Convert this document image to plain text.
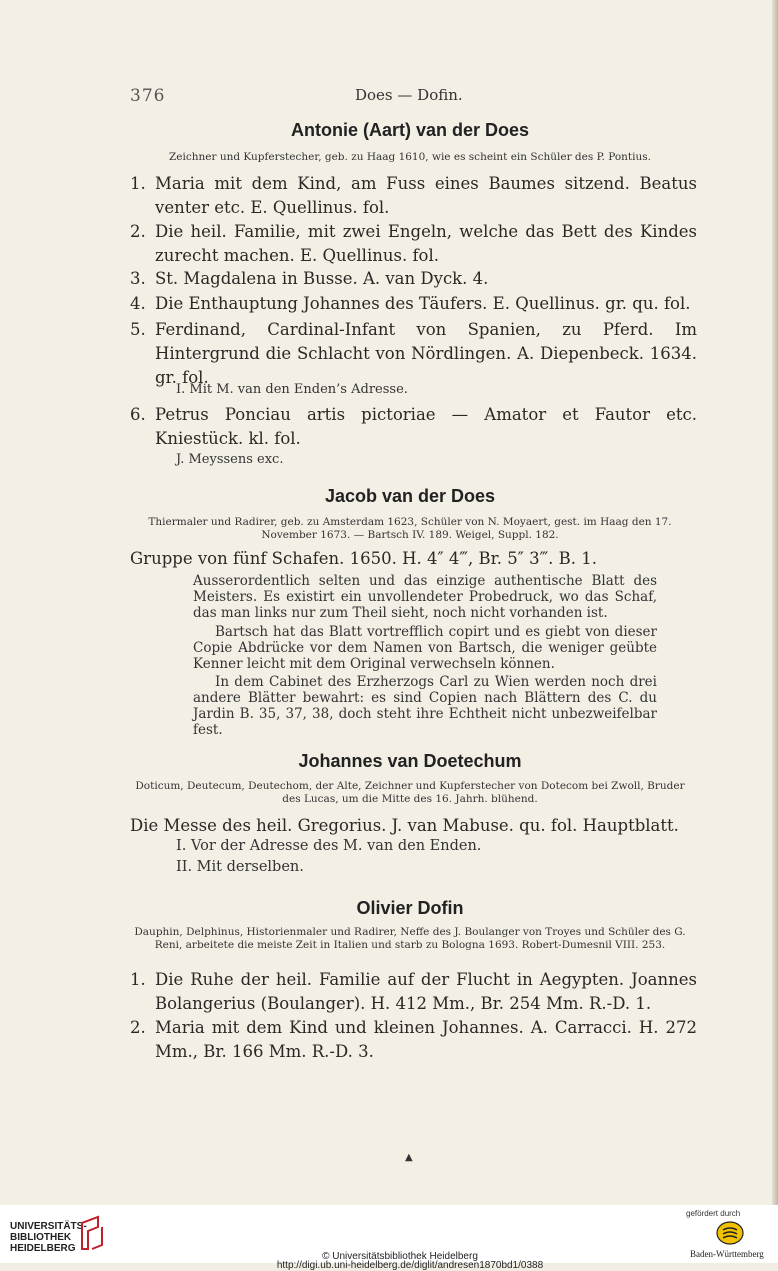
376	Does — Dofin.
Antonie (Aart) van der Does
Zeichner und Kupferstecher, geb. zu Haag 1610, wie es scheint ein Schüler des P. Pontius.
1. Maria mit dem Kind, am Fuss eines Baumes sitzend. Beatus venter etc. E. Quellinus. fol.
2. Die heil. Familie, mit zwei Engeln, welche das Bett des Kindes zurecht machen. E. Quellinus. fol.
3. St. Magdalena in Busse. A. van Dyck. 4.
4. Die Enthauptung Johannes des Täufers. E. Quellinus. gr. qu. fol.
5. Ferdinand, Cardinal-Infant von Spanien, zu Pferd. Im Hintergrund die Schlacht von Nördlingen. A. Diepenbeck. 1634. gr. fol.
I. Mit M. van den Enden’s Adresse.
6. Petrus Ponciau artis pictoriae — Amator et Fautor etc. Kniestück. kl. fol.
J. Meyssens exc.
Jacob van der Does
Thiermaler und Radirer, geb. zu Amsterdam 1623, Schüler von N. Moyaert, gest. im Haag den 17. November 1673. — Bartsch IV. 189. Weigel, Suppl. 182.
Gruppe von fünf Schafen. 1650. H. 4″ 4‴, Br. 5″ 3‴. B. 1.
Ausserordentlich selten und das einzige authentische Blatt des Meisters. Es existirt ein unvollendeter Probedruck, wo das Schaf, das man links nur zum Theil sieht, noch nicht vorhanden ist.
Bartsch hat das Blatt vortrefflich copirt und es giebt von dieser Copie Abdrücke vor dem Namen von Bartsch, die weniger geübte Kenner leicht mit dem Original verwechseln können.
In dem Cabinet des Erzherzogs Carl zu Wien werden noch drei andere Blätter bewahrt: es sind Copien nach Blättern des C. du Jardin B. 35, 37, 38, doch steht ihre Echtheit nicht unbezweifelbar fest.
Johannes van Doetechum
Doticum, Deutecum, Deutechom, der Alte, Zeichner und Kupferstecher von Dotecom bei Zwoll, Bruder des Lucas, um die Mitte des 16. Jahrh. blühend.
Die Messe des heil. Gregorius. J. van Mabuse. qu. fol. Hauptblatt.
I. Vor der Adresse des M. van den Enden.
II. Mit derselben.
Olivier Dofin
Dauphin, Delphinus, Historienmaler und Radirer, Neffe des J. Boulanger von Troyes und Schüler des G. Reni, arbeitete die meiste Zeit in Italien und starb zu Bologna 1693. Robert-Dumesnil VIII. 253.
1. Die Ruhe der heil. Familie auf der Flucht in Aegypten. Joannes Bolangerius (Boulanger). H. 412 Mm., Br. 254 Mm. R.-D. 1.
2. Maria mit dem Kind und kleinen Johannes. A. Carracci. H. 272 Mm., Br. 166 Mm. R.-D. 3.
▲
UNIVERSITÄTS-
BIBLIOTHEK
HEIDELBERG
© Universitätsbibliothek Heidelberg
http://digi.ub.uni-heidelberg.de/diglit/andresen1870bd1/0388
gefördert durch
Baden-Württemberg
